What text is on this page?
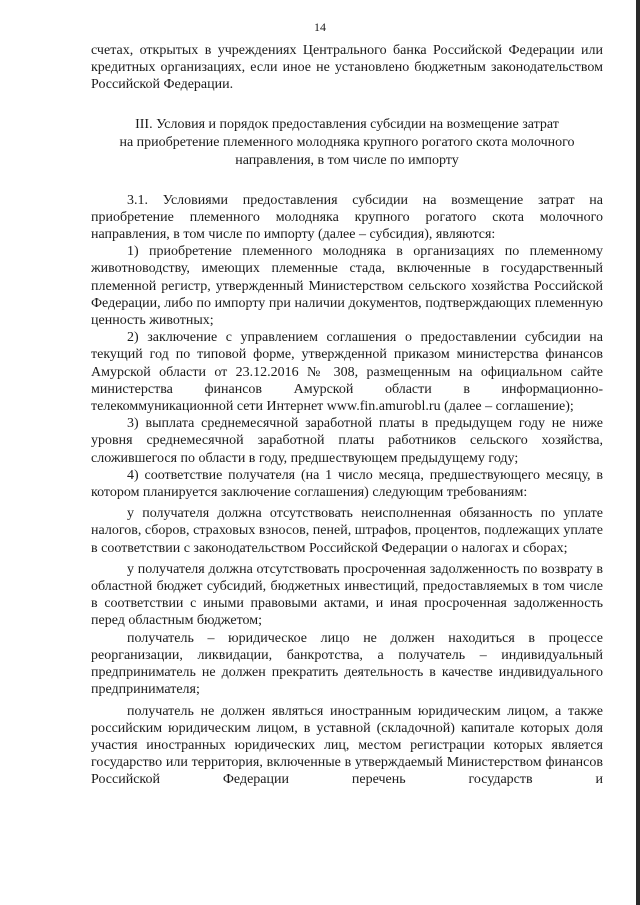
14

счетах, открытых в учреждениях Центрального банка Российской Федерации или кредитных организациях, если иное не установлено бюджетным законодательством Российской Федерации.

III. Условия и порядок предоставления субсидии на возмещение затрат
на приобретение племенного молодняка крупного рогатого скота молочного
направления, в том числе по импорту

3.1. Условиями предоставления субсидии на возмещение затрат на приобретение племенного молодняка крупного рогатого скота молочного направления, в том числе по импорту (далее – субсидия), являются:

1) приобретение племенного молодняка в организациях по племенному животноводству, имеющих племенные стада, включенные в государственный племенной регистр, утвержденный Министерством сельского хозяйства Российской Федерации, либо по импорту при наличии документов, подтверждающих племенную ценность животных;

2) заключение с управлением соглашения о предоставлении субсидии на текущий год по типовой форме, утвержденной приказом министерства финансов Амурской области от 23.12.2016 № 308, размещенным на официальном сайте министерства финансов Амурской области в информационно-телекоммуникационной сети Интернет www.fin.amurobl.ru (далее – соглашение);

3) выплата среднемесячной заработной платы в предыдущем году не ниже уровня среднемесячной заработной платы работников сельского хозяйства, сложившегося по области в году, предшествующем предыдущему году;

4) соответствие получателя (на 1 число месяца, предшествующего месяцу, в котором планируется заключение соглашения) следующим требованиям:

у получателя должна отсутствовать неисполненная обязанность по уплате налогов, сборов, страховых взносов, пеней, штрафов, процентов, подлежащих уплате в соответствии с законодательством Российской Федерации о налогах и сборах;

у получателя должна отсутствовать просроченная задолженность по возврату в областной бюджет субсидий, бюджетных инвестиций, предоставляемых в том числе в соответствии с иными правовыми актами, и иная просроченная задолженность перед областным бюджетом;

получатель – юридическое лицо не должен находиться в процессе реорганизации, ликвидации, банкротства, а получатель – индивидуальный предприниматель не должен прекратить деятельность в качестве индивидуального предпринимателя;

получатель не должен являться иностранным юридическим лицом, а также российским юридическим лицом, в уставной (складочной) капитале которых доля участия иностранных юридических лиц, местом регистрации которых является государство или территория, включенные в утверждаемый Министерством финансов Российской Федерации перечень государств и
